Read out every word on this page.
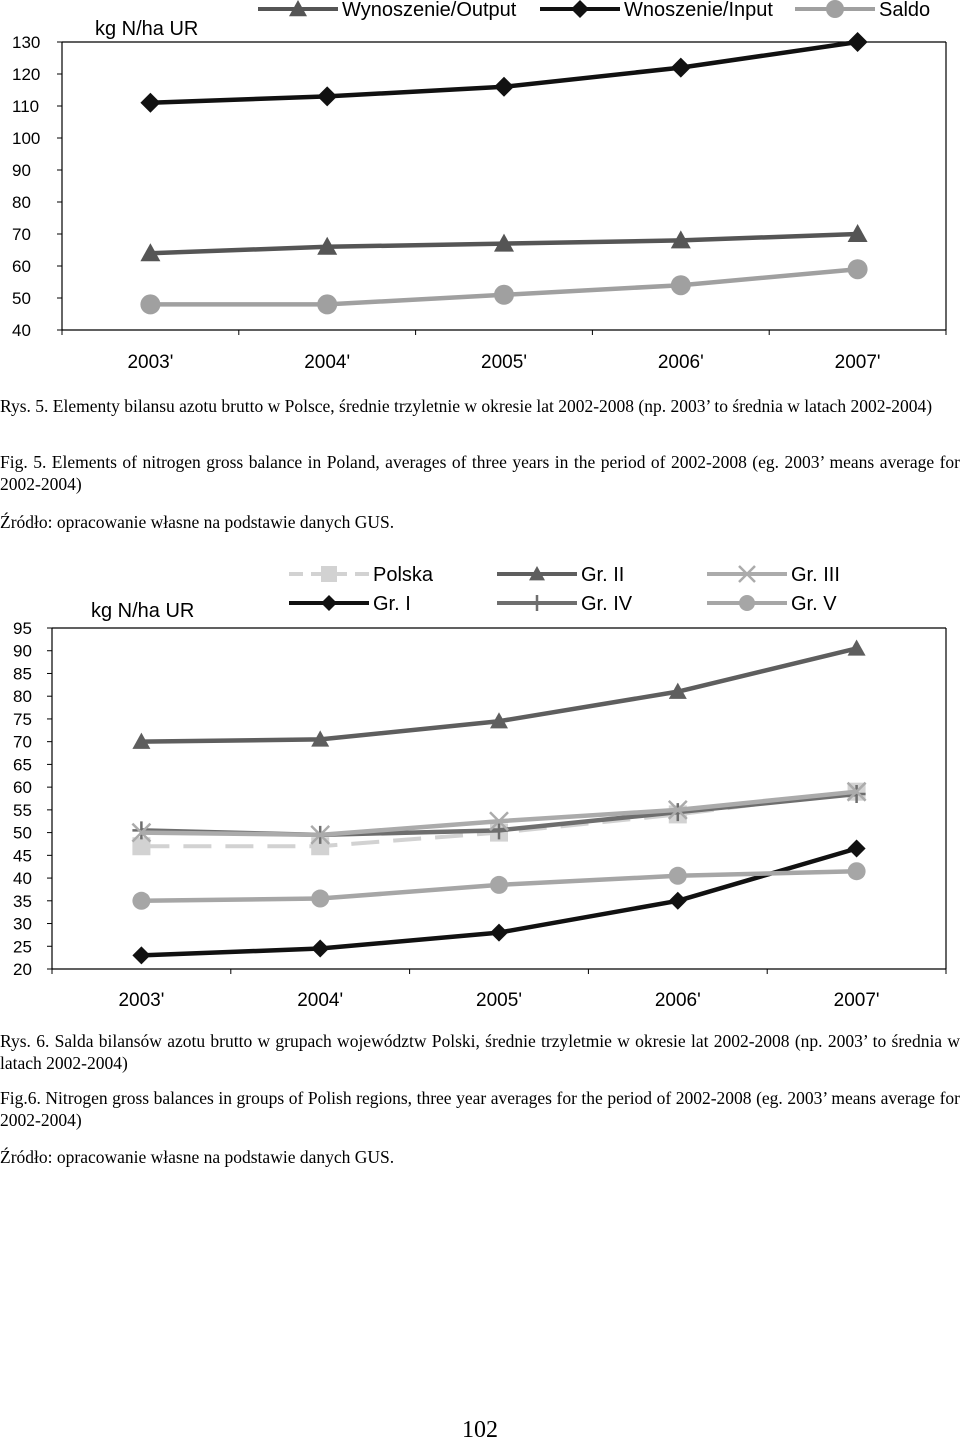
130
120
110
100
90
80
70
60
50
40
2003'	2004'	2005'	2006'	2007'
kg N/ha UR
Wynoszenie/Output	Wnoszenie/Input	Saldo

Rys. 5. Elementy bilansu azotu brutto w Polsce, średnie trzyletnie w okresie lat 2002-2008 (np. 2003’ to średnia w latach 2002-2004)

Fig. 5. Elements of nitrogen gross balance in Poland, averages of three years in the period of 2002-2008 (eg. 2003’ means average for 2002-2004)

Źródło: opracowanie własne na podstawie danych GUS.

95
90
85
80
75
70
65
60
55
50
45
40
35
30
25
20
2003'	2004'	2005'	2006'	2007'
kg N/ha UR
Polska
Gr. I
Gr. II
Gr. IV
Gr. III
Gr. V

Rys. 6. Salda bilansów azotu brutto w grupach województw Polski, średnie trzyletmie w okresie lat 2002-2008 (np. 2003’ to średnia w latach 2002-2004)

Fig.6. Nitrogen gross balances in groups of Polish regions, three year averages for the period of 2002-2008 (eg. 2003’ means average for 2002-2004)

Źródło: opracowanie własne na podstawie danych GUS.

102
